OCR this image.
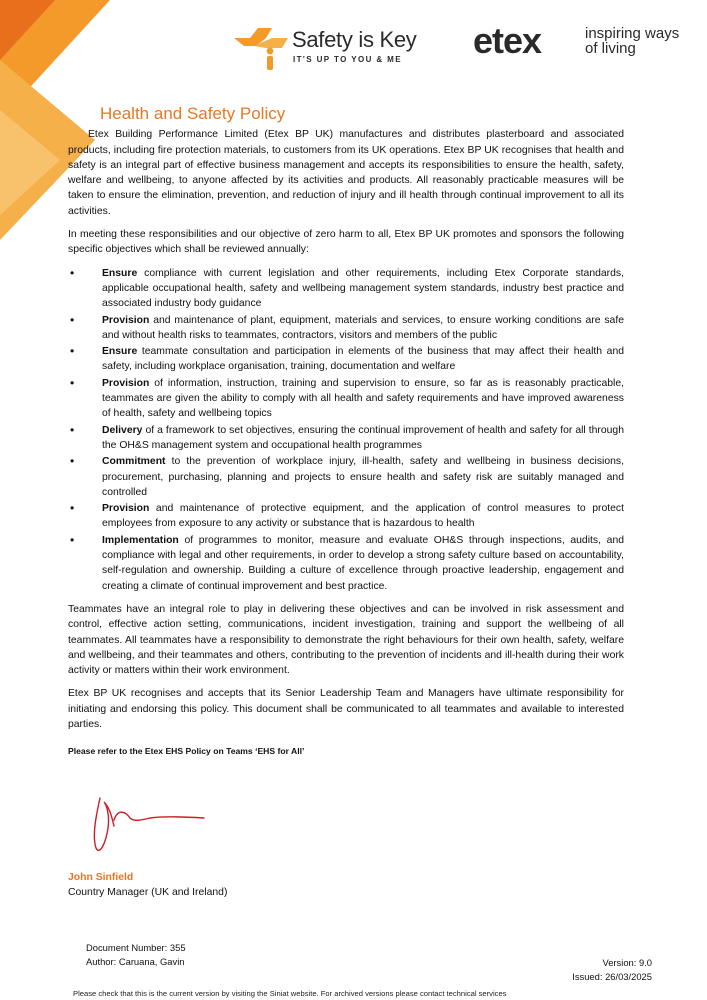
Safety is Key
IT'S UP TO YOU & ME etex	inspiring ways
of living
Health and Safety Policy

Etex Building Performance Limited (Etex BP UK) manufactures and distributes plasterboard and associated products, including fire protection materials, to customers from its UK operations. Etex BP UK recognises that health and safety is an integral part of effective business management and accepts its responsibilities to ensure the health, safety, welfare and wellbeing, to anyone affected by its activities and products. All reasonably practicable measures will be taken to ensure the elimination, prevention, and reduction of injury and ill health through continual improvement to all its activities.

In meeting these responsibilities and our objective of zero harm to all, Etex BP UK promotes and sponsors the following specific objectives which shall be reviewed annually:

• Ensure compliance with current legislation and other requirements, including Etex Corporate standards, applicable occupational health, safety and wellbeing management system standards, industry best practice and associated industry body guidance
• Provision and maintenance of plant, equipment, materials and services, to ensure working conditions are safe and without health risks to teammates, contractors, visitors and members of the public
• Ensure teammate consultation and participation in elements of the business that may affect their health and safety, including workplace organisation, training, documentation and welfare
• Provision of information, instruction, training and supervision to ensure, so far as is reasonably practicable, teammates are given the ability to comply with all health and safety requirements and have improved awareness of health, safety and wellbeing topics
• Delivery of a framework to set objectives, ensuring the continual improvement of health and safety for all through the OH&S management system and occupational health programmes
• Commitment to the prevention of workplace injury, ill-health, safety and wellbeing in business decisions, procurement, purchasing, planning and projects to ensure health and safety risk are suitably managed and controlled
• Provision and maintenance of protective equipment, and the application of control measures to protect employees from exposure to any activity or substance that is hazardous to health
• Implementation of programmes to monitor, measure and evaluate OH&S through inspections, audits, and compliance with legal and other requirements, in order to develop a strong safety culture based on accountability, self-regulation and ownership. Building a culture of excellence through proactive leadership, engagement and creating a climate of continual improvement and best practice.

Teammates have an integral role to play in delivering these objectives and can be involved in risk assessment and control, effective action setting, communications, incident investigation, training and support the wellbeing of all teammates. All teammates have a responsibility to demonstrate the right behaviours for their own health, safety, welfare and wellbeing, and their teammates and others, contributing to the prevention of incidents and ill-health during their work activity or matters within their work environment.

Etex BP UK recognises and accepts that its Senior Leadership Team and Managers have ultimate responsibility for initiating and endorsing this policy. This document shall be communicated to all teammates and available to interested parties.

Please refer to the Etex EHS Policy on Teams ‘EHS for All’

John Sinfield
Country Manager (UK and Ireland)
Document Number: 355
Author: Caruana, Gavin	Version: 9.0
Issued: 26/03/2025
Please check that this is the current version by visiting the Siniat website. For archived versions please contact technical services
